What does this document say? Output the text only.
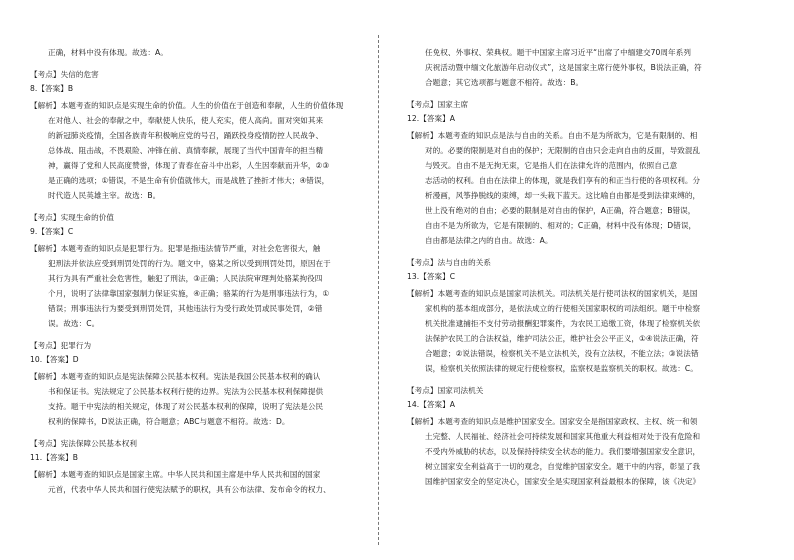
正确，材料中没有体现。故选：A。
【考点】失信的危害
8.【答案】B
【解析】本题考查的知识点是实现生命的价值。人生的价值在于创造和奉献，人生的价值体现
在对他人、社会的奉献之中，奉献使人快乐，使人充实，使人高尚。面对突如其来
的新冠肺炎疫情，全国各族青年积极响应党的号召，踊跃投身疫情防控人民战争、
总体战、阻击战，不畏艰险、冲锋在前、真情奉献，展现了当代中国青年的担当精
神，赢得了党和人民高度赞誉，体现了青春在奋斗中出彩，人生因奉献而升华，②③
是正确的选项；①错误，不是生命有价值就伟大，而是战胜了挫折才伟大；④错误，
时代造人民英雄主宰。故选：B。
【考点】实现生命的价值
9.【答案】C
【解析】本题考查的知识点是犯罪行为。犯罪是指违法情节严重，对社会危害很大，触
犯刑法并依法应受到刑罚处罚的行为。题文中，骆某之所以受到刑罚处罚，原因在于
其行为具有严重社会危害性，触犯了刑法，③正确；人民法院审理判处骆某拘役四
个月，说明了法律靠国家强制力保证实施，④正确；骆某的行为是刑事违法行为，①
错误；刑事违法行为要受到刑罚处罚，其他违法行为受行政处罚或民事处罚，②错
误。故选：C。
【考点】犯罪行为
10.【答案】D
【解析】本题考查的知识点是宪法保障公民基本权利。宪法是我国公民基本权利的确认
书和保证书。宪法规定了公民基本权利行使的边界。宪法为公民基本权利保障提供
支持。题干中宪法的相关规定，体现了对公民基本权利的保障，说明了宪法是公民
权利的保障书，D说法正确，符合题意；ABC与题意不相符。故选：D。
【考点】宪法保障公民基本权利
11.【答案】B
【解析】本题考查的知识点是国家主席。中华人民共和国主席是中华人民共和国的国家
元首，代表中华人民共和国行使宪法赋予的职权，具有公布法律、发布命令的权力、
任免权、外事权、荣典权。题干中国家主席习近平“出席了中缅建交70周年系列
庆祝活动暨中缅文化旅游年启动仪式”，这是国家主席行使外事权，B说法正确，符
合题意；其它选项都与题意不相符。故选：B。
【考点】国家主席
12.【答案】A
【解析】本题考查的知识点是法与自由的关系。自由不是为所欲为，它是有限制的、相
对的。必要的限制是对自由的保护；无限制的自由只会走向自由的反面，导致混乱
与毁灭。自由不是无拘无束，它是指人们在法律允许的范围内，依照自己意
志活动的权利。自由在法律上的体现，就是我们享有的和正当行使的各项权利。分
析漫画，风筝挣脱线的束缚，却一头栽下蓝天。这比喻自由都是受到法律束缚的，
世上没有绝对的自由；必要的限制是对自由的保护，A正确，符合题意；B错误，
自由不是为所欲为，它是有限制的、相对的；C正确，材料中没有体现；D错误，
自由都是法律之内的自由。故选：A。
【考点】法与自由的关系
13.【答案】C
【解析】本题考查的知识点是国家司法机关。司法机关是行使司法权的国家机关，是国
家机构的基本组成部分，是依法成立的行使相关国家职权的司法组织。题干中检察
机关批准逮捕拒不支付劳动报酬犯罪案件，为农民工追缴工资，体现了检察机关依
法保护农民工的合法权益，维护司法公正，维护社会公平正义，①④说法正确，符
合题意；②说法错误，检察机关不是立法机关，没有立法权，不能立法；③说法错
误，检察机关依照法律的规定行使检察权，监察权是监察机关的职权。故选：C。
【考点】国家司法机关
14.【答案】A
【解析】本题考查的知识点是维护国家安全。国家安全是指国家政权、主权、统一和领
土完整、人民福祉、经济社会可持续发展和国家其他重大利益相对处于没有危险和
不受内外威胁的状态，以及保持持续安全状态的能力。我们要增强国家安全意识，
树立国家安全利益高于一切的观念，自觉维护国家安全。题干中的内容，彰显了我
国维护国家安全的坚定决心，国家安全是实现国家利益最根本的保障，该《决定》
